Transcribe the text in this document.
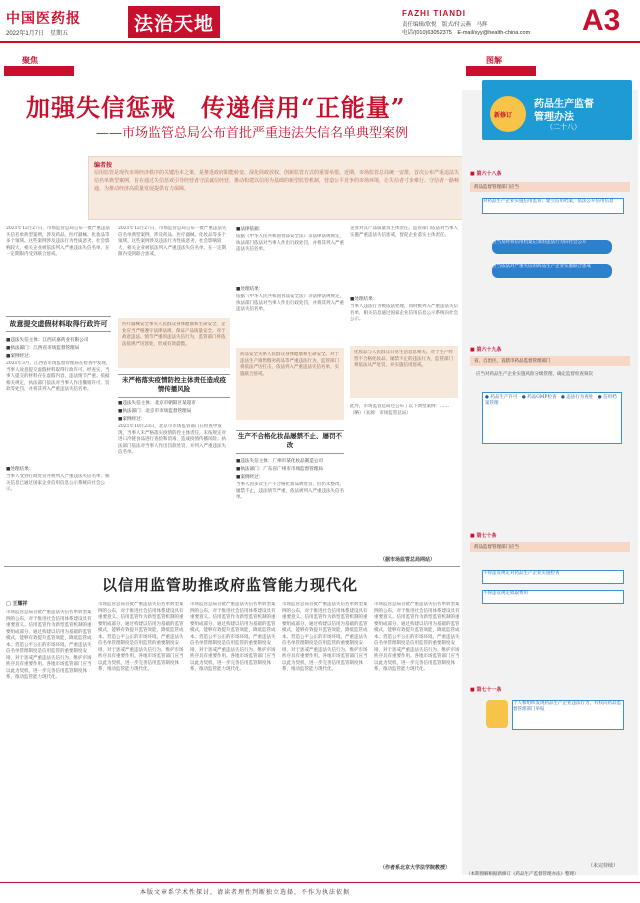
中国医药报
2022年1月7日　星期五	法治天地	FAZHI TIANDI
责任编辑/欣悦　版式/付云燕　马辉
电话/(010)63052375　E-mail/syy@health-china.com A3
聚焦	图解
加强失信惩戒　传递信用“正能量”
——市场监管总局公布首批严重违法失信名单典型案例
编者按
信用监管是现代市场经济秩序的关键治本之策，是推进政府职能转变、深化简政放权、创新监管方式的重要举措。近期，市场监管总局统一安排，首次公布严重违法失信名单典型案例，旨在通过失信惩戒引导经营者守法诚信经营，推动构建以信用为基础的新型监管机制，营造公平竞争的市场环境，让失信者寸步难行、守信者一路畅通，为推动经济高质量发展提供有力保障。
2021年12月27日，市场监管总局公布一批严重违法失信名单典型案例，涉及药品、医疗器械、化妆品等多个领域。这些案例涉及违法行为性质恶劣、社会影响较大，相关企业被依法列入严重违法失信名单，在一定期限内受到联合惩戒。
故意提交虚假材料取得行政许可
■违法失信主体：江西庆嘉药业有限公司
■执法部门：江西省市场监督管理局
■案例经过：
2021年3月，江西省市场监督管理局在检查中发现，当事人故意提交虚假材料取得行政许可。经查实，当事人提交的材料存在虚假内容，违法情节严重。依据相关规定，执法部门依法对当事人作出撤销许可、罚款等处罚，并将其列入严重违法失信名单。
■处理结果：
当事人受到行政处罚并被列入严重违法失信名单，相关信息已通过国家企业信用信息公示系统向社会公示。
2021年12月27日，市场监管总局公布一批严重违法失信名单典型案例，涉及药品、医疗器械、化妆品等多个领域。这些案例涉及违法行为性质恶劣、社会影响较大，相关企业被依法列入严重违法失信名单，在一定期限内受到联合惩戒。
医疗器械安全事关人民群众身体健康和生命安全，企业应当严格遵守法律法规，保证产品质量安全。对于故意违法、情节严重的违法失信行为，监管部门将依法依规严厉惩处，形成有效震慑。
未严格落实疫情防控主体责任造成疫情传播风险
■违法失信主体：北京市朝阳区某超市
■执法部门：北京市市场监督管理局
■案例经过：
2021年10月23日，北京市市场监管部门在检查中发现，当事人未严格落实疫情防控主体责任，未按规定对进口冷链食品进行查验和消毒，造成疫情传播风险。执法部门依法对当事人作出罚款处罚，并列入严重违法失信名单。
■法律依据：
依据《中华人民共和国食品安全法》等法律法规规定，执法部门依法对当事人作出行政处罚，并将其列入严重违法失信名单。
■处理结果：
依据《中华人民共和国食品安全法》等法律法规规定，执法部门依法对当事人作出行政处罚，并将其列入严重违法失信名单。
药品安全关系人民群众身体健康和生命安全。对于违法生产销售假劣药品等严重违法行为，监管部门将依法严厉打击，依法列入严重违法失信名单，实施联合惩戒。
生产不合格化妆品屡禁不止、屡罚不改
■违法失信主体：广州市某化妆品制造公司
■执法部门：广东省广州市市场监督管理局
■案例经过：
当事人因多次生产不合格化妆品被处罚，但仍未整改，屡禁不止，违法情节严重，依法被列入严重违法失信名单。
企业对其产品质量负主体责任。监管部门依法对当事人实施严重违法失信惩戒，督促企业落实主体责任。
■处理结果：
当事人违法行为被依法处理，同时被列入严重违法失信名单，相关信息通过国家企业信用信息公示系统向社会公示。
化妆品与人民群众日常生活息息相关。对于生产经营不合格化妆品、屡禁不止的违法行为，监管部门将依法从严处罚，并实施信用惩戒。
此外，市场监管总局还公布了以下典型案例：……（略）（来源：市场监管总局）
（据市场监管总局网站）
以信用监管助推政府监管能力现代化
□ 王耀祥
市场监管总局首批严重违法失信名单典型案例的公布，对于推进社会信用体系建设具有重要意义。信用监管作为新型监管机制的重要组成部分，通过构建以信用为基础的监管模式，能够有效提升监管效能，降低监管成本，营造公平公正的市场环境。严重违法失信名单管理制度是信用监管的重要制度安排，对于惩戒严重违法失信行为、维护市场秩序具有重要作用。各地市场监管部门应当以此为契机，进一步完善信用监管制度体系，推动监管能力现代化。
市场监管总局首批严重违法失信名单典型案例的公布，对于推进社会信用体系建设具有重要意义。信用监管作为新型监管机制的重要组成部分，通过构建以信用为基础的监管模式，能够有效提升监管效能，降低监管成本，营造公平公正的市场环境。严重违法失信名单管理制度是信用监管的重要制度安排，对于惩戒严重违法失信行为、维护市场秩序具有重要作用。各地市场监管部门应当以此为契机，进一步完善信用监管制度体系，推动监管能力现代化。
市场监管总局首批严重违法失信名单典型案例的公布，对于推进社会信用体系建设具有重要意义。信用监管作为新型监管机制的重要组成部分，通过构建以信用为基础的监管模式，能够有效提升监管效能，降低监管成本，营造公平公正的市场环境。严重违法失信名单管理制度是信用监管的重要制度安排，对于惩戒严重违法失信行为、维护市场秩序具有重要作用。各地市场监管部门应当以此为契机，进一步完善信用监管制度体系，推动监管能力现代化。
市场监管总局首批严重违法失信名单典型案例的公布，对于推进社会信用体系建设具有重要意义。信用监管作为新型监管机制的重要组成部分，通过构建以信用为基础的监管模式，能够有效提升监管效能，降低监管成本，营造公平公正的市场环境。严重违法失信名单管理制度是信用监管的重要制度安排，对于惩戒严重违法失信行为、维护市场秩序具有重要作用。各地市场监管部门应当以此为契机，进一步完善信用监管制度体系，推动监管能力现代化。
市场监管总局首批严重违法失信名单典型案例的公布，对于推进社会信用体系建设具有重要意义。信用监管作为新型监管机制的重要组成部分，通过构建以信用为基础的监管模式，能够有效提升监管效能，降低监管成本，营造公平公正的市场环境。严重违法失信名单管理制度是信用监管的重要制度安排，对于惩戒严重违法失信行为、维护市场秩序具有重要作用。各地市场监管部门应当以此为契机，进一步完善信用监管制度体系，推动监管能力现代化。
（作者系北京大学法学院教授）
新修订
药品生产监督
管理办法
（二十八）
■ 第六十八条
药品监督管理部门应当
对药品生产企业实施信用监管，建立信用档案，依法公开信用信息
应当及时将信用档案记录的违法行为向社会公开
应当依法对严重失信的药品生产企业实施联合惩戒
■ 第六十九条
省、自治区、直辖市药品监督管理部门
应当对药品生产企业实施风险分级管理，确定监督检查频次
● 药品生产许可　● 药品GMP检查　● 违法行为查处　● 信用档案管理
■ 第七十条
药品监督管理部门应当
不得违反规定对药品生产企业实施检查
不得违反规定收取费用
■ 第七十一条
个人和组织发现药品生产企业违法行为，有权向药品监督管理部门举报
（未完待续）
（本期图解根据新修订《药品生产监督管理办法》整理）
本版文章系学术性探讨，请读者理性判断独立选择，不作为执法依据
